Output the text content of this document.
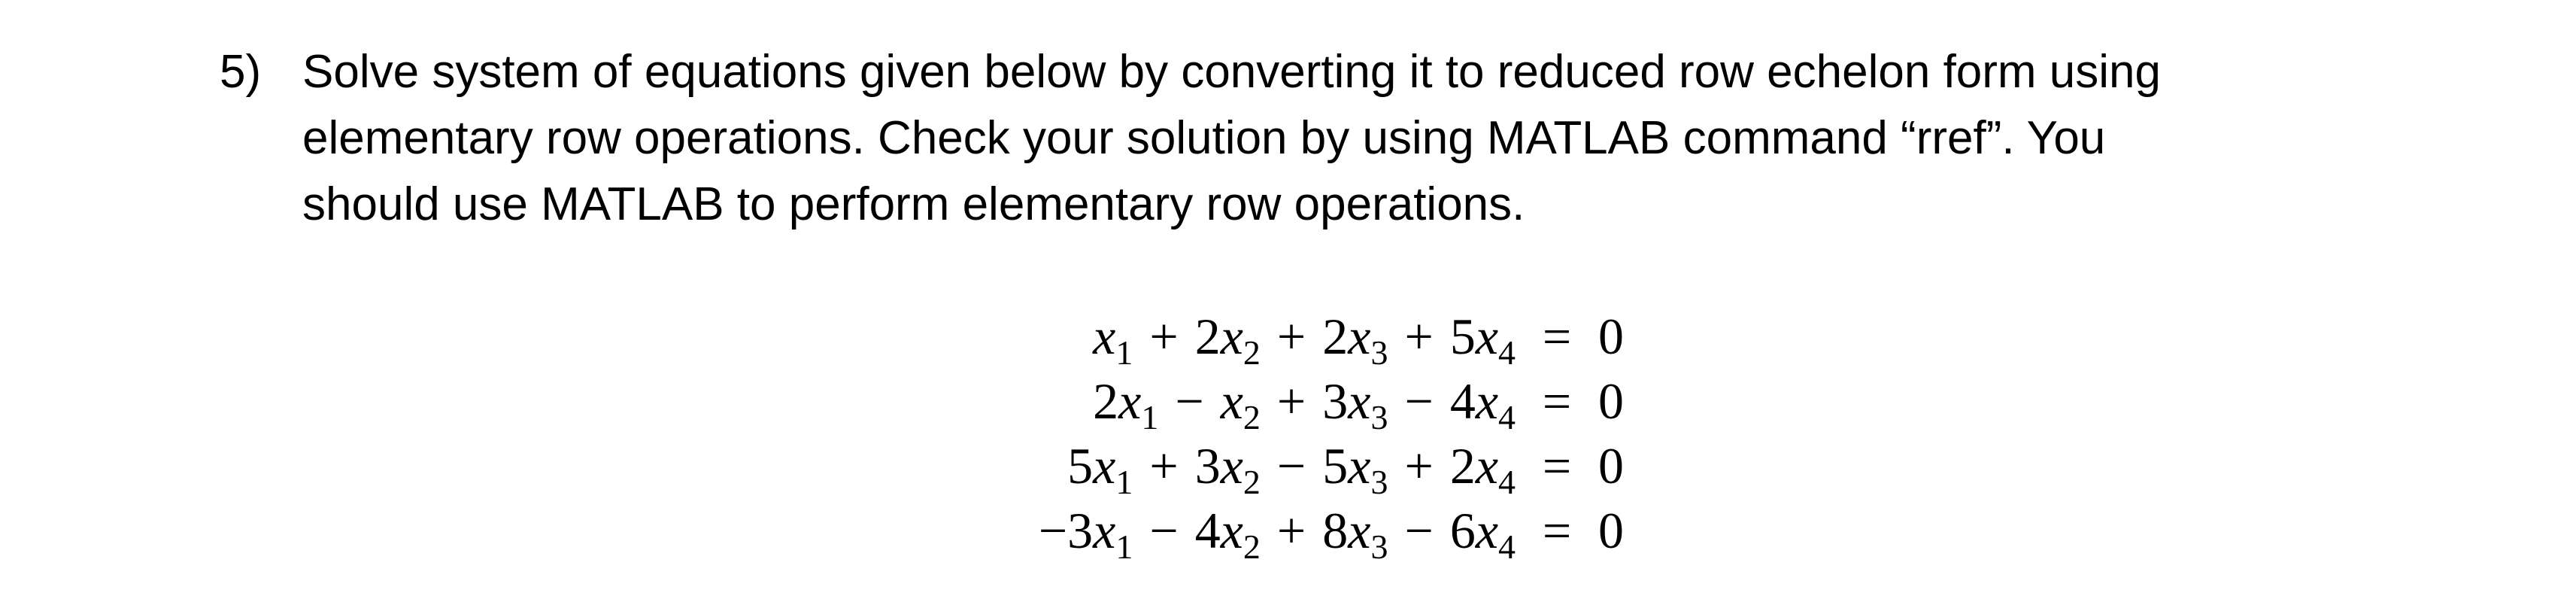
5) Solve system of equations given below by converting it to reduced row echelon form using
elementary row operations. Check your solution by using MATLAB command “rref”. You
should use MATLAB to perform elementary row operations.
$x_1 + 2x_2 + 2x_3 + 5x_4 = 0$
$2x_1 - x_2 + 3x_3 - 4x_4 = 0$
$5x_1 + 3x_2 - 5x_3 + 2x_4 = 0$
$-3x_1 - 4x_2 + 8x_3 - 6x_4 = 0$
